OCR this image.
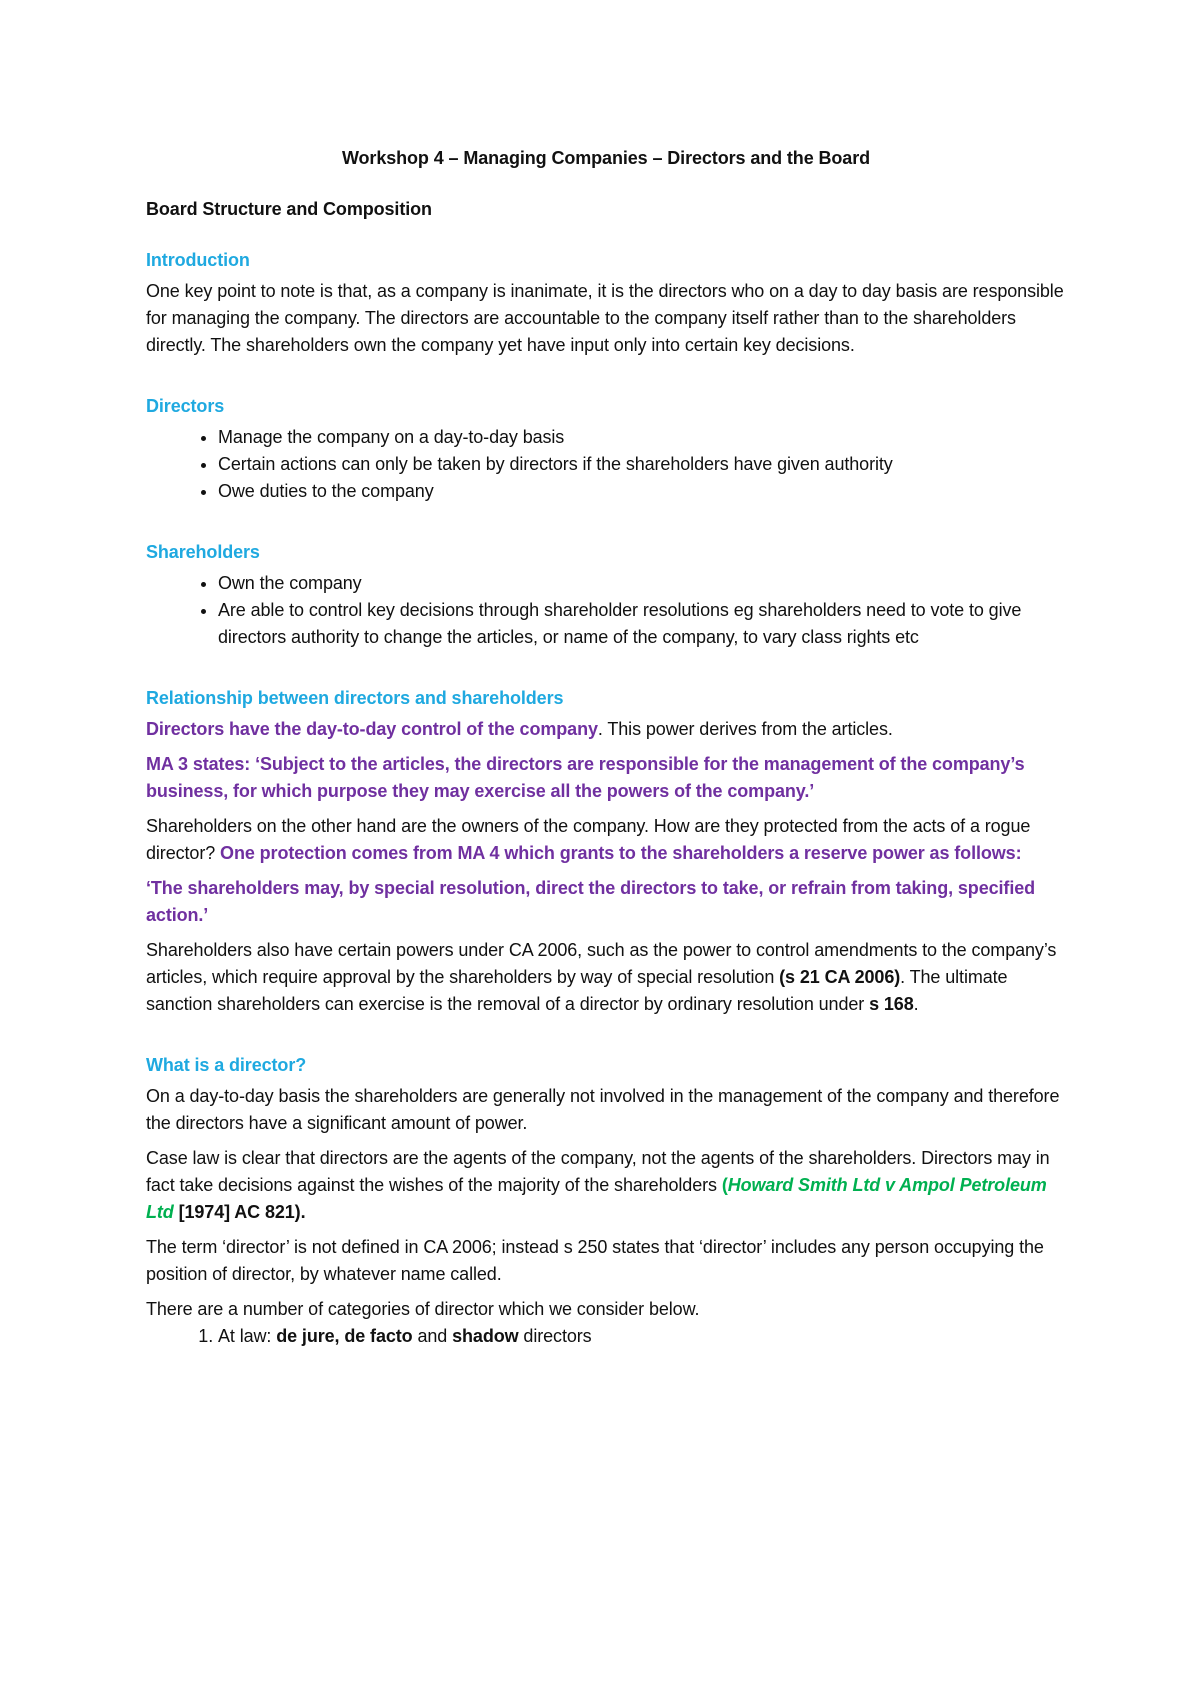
Workshop 4 – Managing Companies – Directors and the Board

Board Structure and Composition

Introduction

One key point to note is that, as a company is inanimate, it is the directors who on a day to day basis are responsible for managing the company. The directors are accountable to the company itself rather than to the shareholders directly. The shareholders own the company yet have input only into certain key decisions.

Directors

• Manage the company on a day-to-day basis
• Certain actions can only be taken by directors if the shareholders have given authority
• Owe duties to the company

Shareholders

• Own the company
• Are able to control key decisions through shareholder resolutions eg shareholders need to vote to give directors authority to change the articles, or name of the company, to vary class rights etc

Relationship between directors and shareholders

Directors have the day-to-day control of the company. This power derives from the articles.

MA 3 states: ‘Subject to the articles, the directors are responsible for the management of the company’s business, for which purpose they may exercise all the powers of the company.’

Shareholders on the other hand are the owners of the company. How are they protected from the acts of a rogue director? One protection comes from MA 4 which grants to the shareholders a reserve power as follows:

‘The shareholders may, by special resolution, direct the directors to take, or refrain from taking, specified action.’

Shareholders also have certain powers under CA 2006, such as the power to control amendments to the company’s articles, which require approval by the shareholders by way of special resolution (s 21 CA 2006). The ultimate sanction shareholders can exercise is the removal of a director by ordinary resolution under s 168.

What is a director?

On a day-to-day basis the shareholders are generally not involved in the management of the company and therefore the directors have a significant amount of power.

Case law is clear that directors are the agents of the company, not the agents of the shareholders. Directors may in fact take decisions against the wishes of the majority of the shareholders (Howard Smith Ltd v Ampol Petroleum Ltd [1974] AC 821).

The term ‘director’ is not defined in CA 2006; instead s 250 states that ‘director’ includes any person occupying the position of director, by whatever name called.

There are a number of categories of director which we consider below.

1. At law: de jure, de facto and shadow directors
